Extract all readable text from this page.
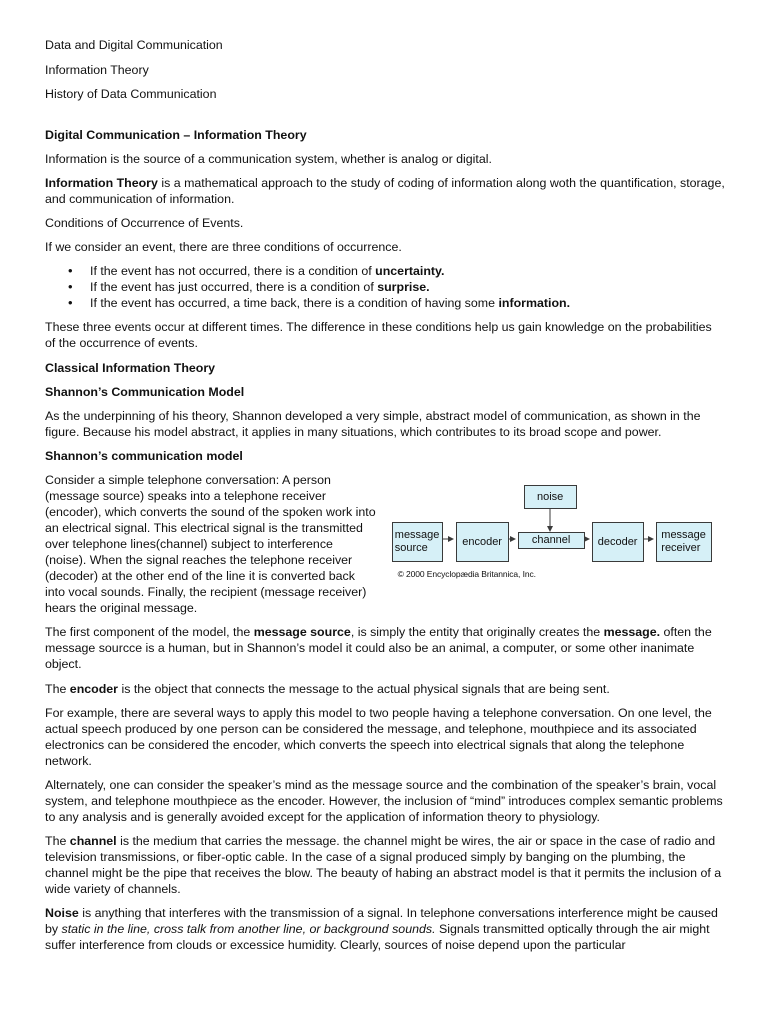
Data and Digital Communication

Information Theory

History of Data Communication

Digital Communication – Information Theory

Information is the source of a communication system, whether is analog or digital.

Information Theory is a mathematical approach to the study of coding of information along woth the quantification, storage, and communication of information.

Conditions of Occurrence of Events.

If we consider an event, there are three conditions of occurrence.

• If the event has not occurred, there is a condition of uncertainty.
• If the event has just occurred, there is a condition of surprise.
• If the event has occurred, a time back, there is a condition of having some information.

These three events occur at different times. The difference in these conditions help us gain knowledge on the probabilities of the occurrence of events.

Classical Information Theory

Shannon’s Communication Model

As the underpinning of his theory, Shannon developed a very simple, abstract model of communication, as shown in the figure. Because his model abstract, it applies in many situations, which contributes to its broad scope and power.

Shannon’s communication model

Consider a simple telephone conversation: A person (message source) speaks into a telephone receiver (encoder), which converts the sound of the spoken work into an electrical signal. This electrical signal is the transmitted over telephone lines(channel) subject to interference (noise). When the signal reaches the telephone receiver (decoder) at the other end of the line it is converted back into vocal sounds. Finally, the recipient (message receiver) hears the original message.

noise
message
source
encoder	channel decoder
message
receiver
© 2000 Encyclopædia Britannica, Inc.

The first component of the model, the message source, is simply the entity that originally creates the message. often the message sourcce is a human, but in Shannon’s model it could also be an animal, a computer, or some other inanimate object.

The encoder is the object that connects the message to the actual physical signals that are being sent.

For example, there are several ways to apply this model to two people having a telephone conversation. On one level, the actual speech produced by one person can be considered the message, and telephone, mouthpiece and its associated electronics can be considered the encoder, which converts the speech into electrical signals that along the telephone network.

Alternately, one can consider the speaker’s mind as the message source and the combination of the speaker’s brain, vocal system, and telephone mouthpiece as the encoder. However, the inclusion of “mind” introduces complex semantic problems to any analysis and is generally avoided except for the application of information theory to physiology.

The channel is the medium that carries the message. the channel might be wires, the air or space in the case of radio and television transmissions, or fiber-optic cable. In the case of a signal produced simply by banging on the plumbing, the channel might be the pipe that receives the blow. The beauty of habing an abstract model is that it permits the inclusion of a wide variety of channels.

Noise is anything that interferes with the transmission of a signal. In telephone conversations interference might be caused by static in the line, cross talk from another line, or background sounds. Signals transmitted optically through the air might suffer interference from clouds or excessice humidity. Clearly, sources of noise depend upon the particular
